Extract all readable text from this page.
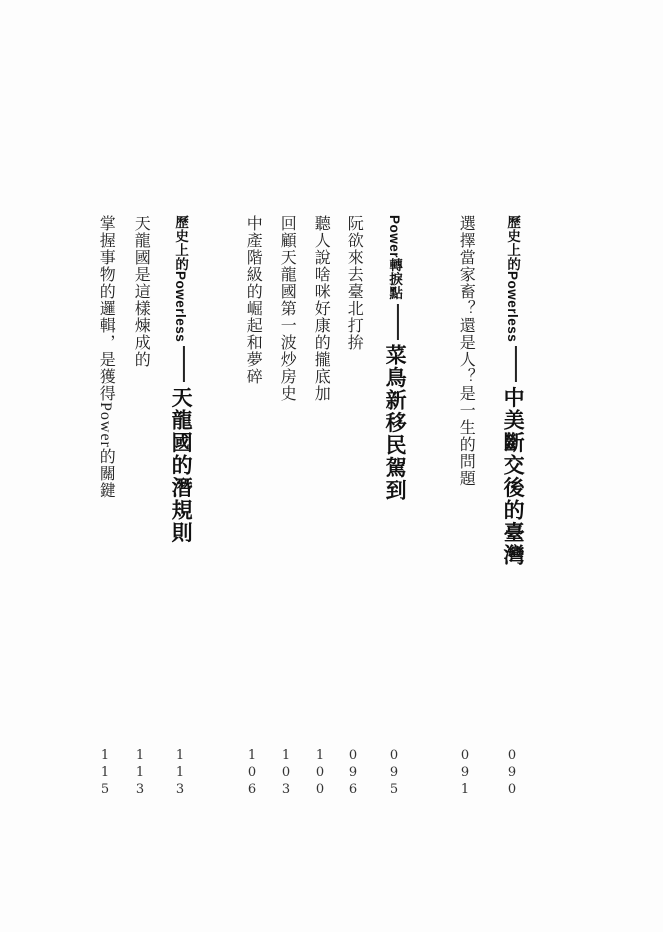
歷史上的Powerless中美斷交後的臺灣
090
選擇當家畜？還是人？是一生的問題
091
Power轉捩點菜鳥新移民駕到
095
阮欲來去臺北打拚
096
聽人說啥咪好康的攏底加
100
回顧天龍國第一波炒房史
103
中產階級的崛起和夢碎
106
歷史上的Powerless天龍國的潛規則
113
天龍國是這樣煉成的
113
掌握事物的邏輯，是獲得Power的關鍵
115
